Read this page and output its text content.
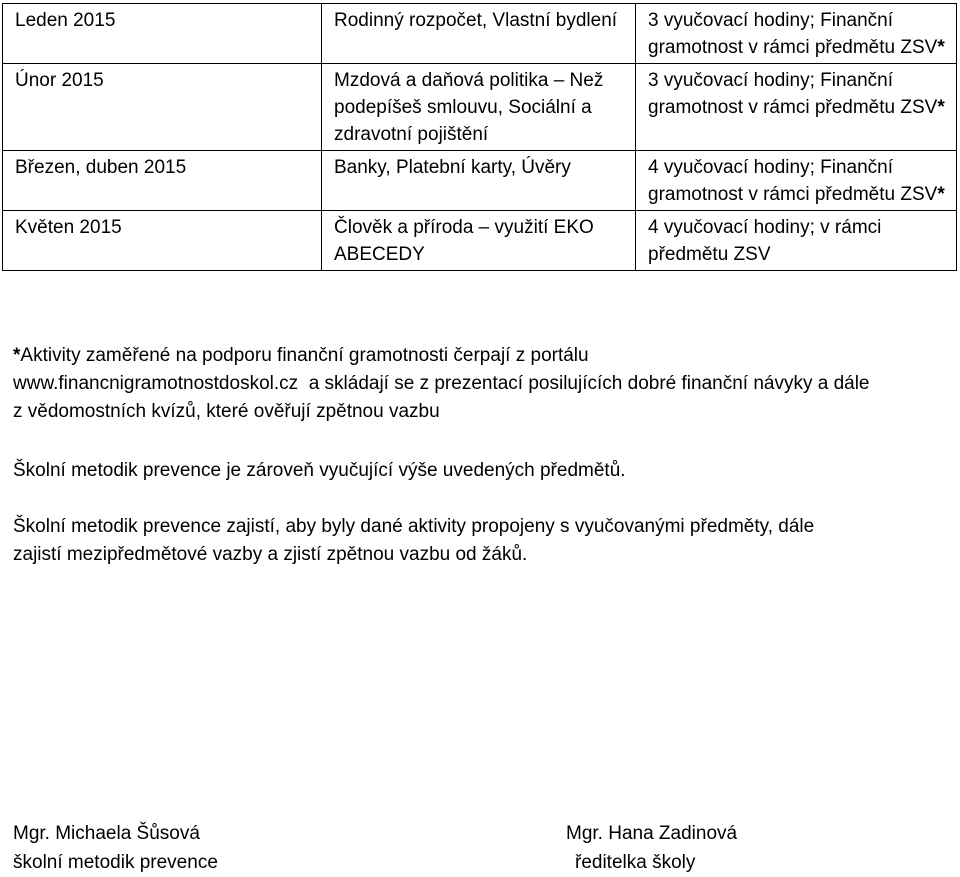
Leden 2015	Rodinný rozpočet, Vlastní bydlení	3 vyučovací hodiny; Finanční gramotnost v rámci předmětu ZSV*
Únor 2015	Mzdová a daňová politika – Než podepíšeš smlouvu, Sociální a zdravotní pojištění	3 vyučovací hodiny; Finanční gramotnost v rámci předmětu ZSV*
Březen, duben 2015	Banky, Platební karty, Úvěry	4 vyučovací hodiny; Finanční gramotnost v rámci předmětu ZSV*
Květen 2015	Člověk a příroda – využití EKO ABECEDY	4 vyučovací hodiny; v rámci předmětu ZSV
*Aktivity zaměřené na podporu finanční gramotnosti čerpají z portálu
www.financnigramotnostdoskol.cz  a skládají se z prezentací posilujících dobré finanční návyky a dále
z vědomostních kvízů, které ověřují zpětnou vazbu
Školní metodik prevence je zároveň vyučující výše uvedených předmětů.
Školní metodik prevence zajistí, aby byly dané aktivity propojeny s vyučovanými předměty, dále
zajistí mezipředmětové vazby a zjistí zpětnou vazbu od žáků.
Mgr. Michaela Šůsová
školní metodik prevence
Mgr. Hana Zadinová
ředitelka školy
